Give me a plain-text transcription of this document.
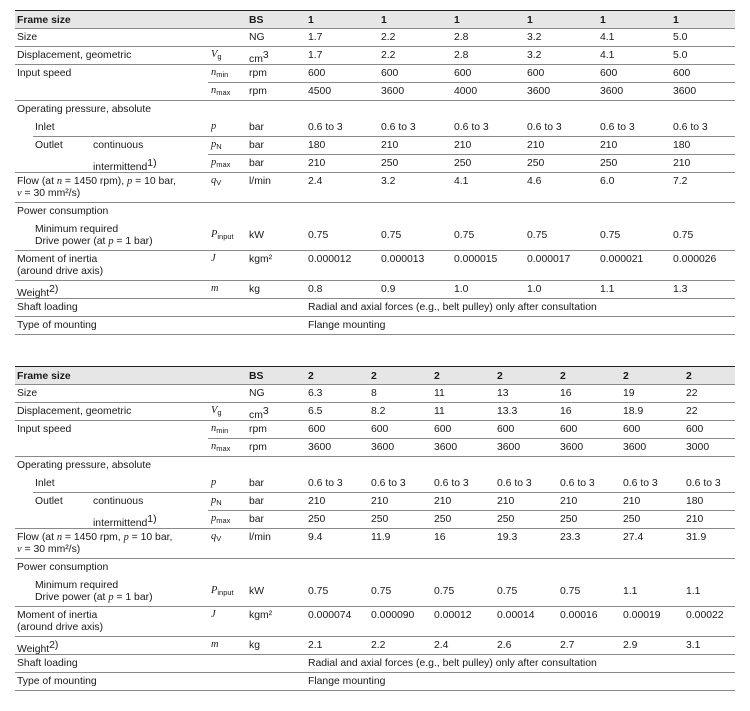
Frame size	BS	1	1	1	1	1	1
Size	NG	1.7	2.2	2.8	3.2	4.1	5.0
Displacement, geometric	$V_g$	cm3	1.7	2.2	2.8	3.2	4.1	5.0
Input speed	$n_{min}$ rpm	600	600	600	600	600	600
$n_{max}$ rpm	4500	3600	4000	3600	3600	3600
Operating pressure, absolute
Inlet	p	bar	0.6 to 3	0.6 to 3	0.6 to 3	0.6 to 3	0.6 to 3	0.6 to 3
Outlet	continuous	$p_N$	bar	180	210	210	210	210	180
intermittend1)	$p_{max}$ bar	210	250	250	250	250	210
Flow (at n = 1450 rpm), p = 10 bar,
ν = 30 mm²/s)
$q_V$	l/min	2.4	3.2	4.1	4.6	6.0	7.2
Power consumption
Minimum required
Drive power (at p = 1 bar)
$P_{input}$ kW	0.75	0.75	0.75	0.75	0.75	0.75
Moment of inertia
(around drive axis)
J	kgm²	0.000012	0.000013	0.000015	0.000017	0.000021	0.000026
Weight2)	m	kg	0.8	0.9	1.0	1.0	1.1	1.3
Shaft loading	Radial and axial forces (e.g., belt pulley) only after consultation
Type of mounting	Flange mounting
Frame size	BS	2	2	2	2	2	2	2
Size	NG	6.3	8	11	13	16	19	22
Displacement, geometric	$V_g$	cm3	6.5	8.2	11	13.3	16	18.9	22
Input speed	$n_{min}$ rpm	600	600	600	600	600	600	600
$n_{max}$ rpm	3600	3600	3600	3600	3600	3600	3000
Operating pressure, absolute
Inlet	p	bar	0.6 to 3	0.6 to 3	0.6 to 3	0.6 to 3	0.6 to 3	0.6 to 3	0.6 to 3
Outlet	continuous	$p_N$	bar	210	210	210	210	210	210	180
intermittend1)	$p_{max}$ bar	250	250	250	250	250	250	210
Flow (at n = 1450 rpm, p = 10 bar,
ν = 30 mm²/s)
$q_V$	l/min	9.4	11.9	16	19.3	23.3	27.4	31.9
Power consumption
Minimum required
Drive power (at p = 1 bar)
$P_{input}$ kW	0.75	0.75	0.75	0.75	0.75	1.1	1.1
Moment of inertia
(around drive axis)
J	kgm²	0.000074 0.000090 0.00012 0.00014 0.00016 0.00019 0.00022
Weight2)	m	kg	2.1	2.2	2.4	2.6	2.7	2.9	3.1
Shaft loading	Radial and axial forces (e.g., belt pulley) only after consultation
Type of mounting	Flange mounting
